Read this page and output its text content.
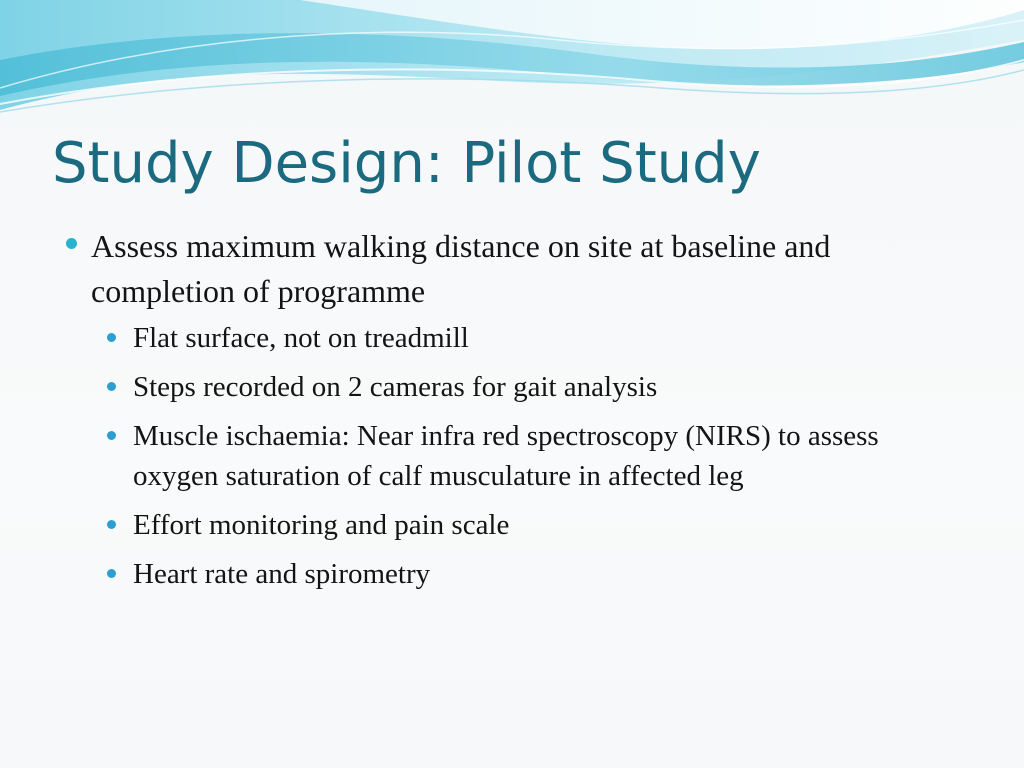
Study Design: Pilot Study
Assess maximum walking distance on site at baseline and completion of programme
Flat surface, not on treadmill
Steps recorded on 2 cameras for gait analysis
Muscle ischaemia: Near infra red spectroscopy (NIRS) to assess oxygen saturation of calf musculature in affected leg
Effort monitoring and pain scale
Heart rate and spirometry
